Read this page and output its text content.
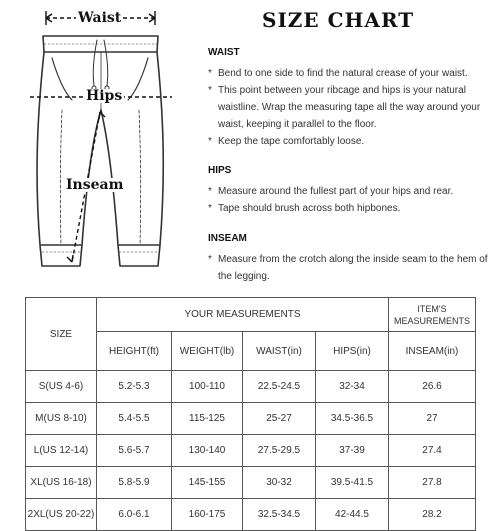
Waist
Hips
Inseam
SIZE CHART
WAIST
* Bend to one side to find the natural crease of your waist.
* This point between your ribcage and hips is your natural waistline. Wrap the measuring tape all the way around your waist, keeping it parallel to the floor.
* Keep the tape comfortably loose.
HIPS
* Measure around the fullest part of your hips and rear.
* Tape should brush across both hipbones.
INSEAM
* Measure from the crotch along the inside seam to the hem of the legging.
SIZE	YOUR MEASUREMENTS				ITEM'S MEASUREMENTS
	HEIGHT(ft)	WEIGHT(lb)	WAIST(in)	HIPS(in)	INSEAM(in)
S(US 4-6)	5.2-5.3	100-110	22.5-24.5	32-34	26.6
M(US 8-10)	5.4-5.5	115-125	25-27	34.5-36.5	27
L(US 12-14)	5.6-5.7	130-140	27.5-29.5	37-39	27.4
XL(US 16-18)	5.8-5.9	145-155	30-32	39.5-41.5	27.8
2XL(US 20-22)	6.0-6.1	160-175	32.5-34.5	42-44.5	28.2
